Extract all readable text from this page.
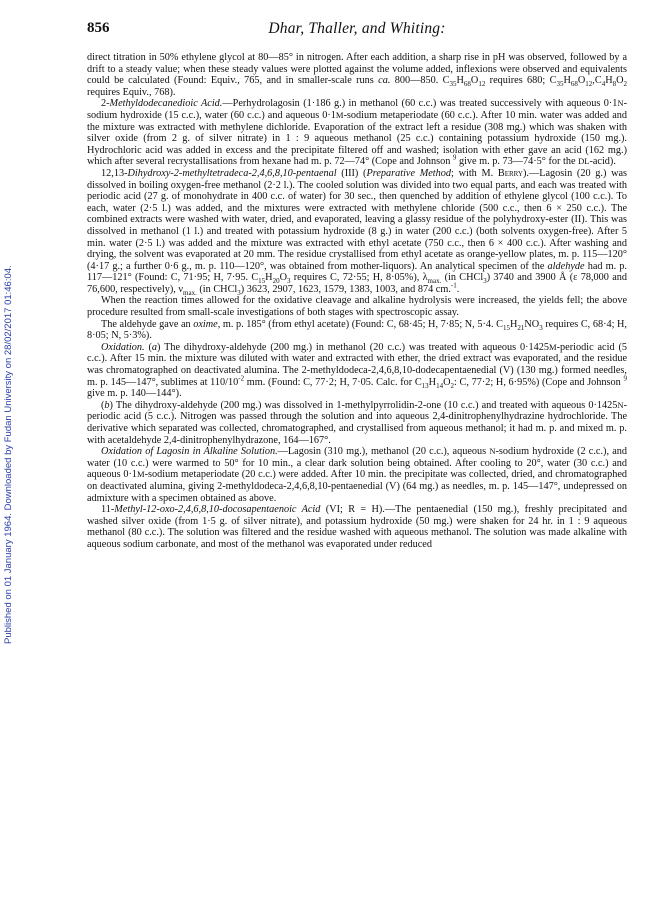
Dhar, Thaller, and Whiting:
856
Published on 01 January 1964. Downloaded by Fudan University on 28/02/2017 01:46:04.

direct titration in 50% ethylene glycol at 80—85° in nitrogen. After each addition, a sharp rise in pH was observed, followed by a drift to a steady value; when these steady values were plotted against the volume added, inflexions were observed and equivalents could be calculated (Found: Equiv., 765, and in smaller-scale runs ca. 800—850. $C_{35}H_{68}O_{12}$ requires 680; $C_{35}H_{68}O_{12},C_4H_8O_2$ requires Equiv., 768).

2-Methyldodecanedioic Acid.—Perhydrolagosin (1·186 g.) in methanol (60 c.c.) was treated successively with aqueous 0·1N-sodium hydroxide (15 c.c.), water (60 c.c.) and aqueous 0·1M-sodium metaperiodate (60 c.c.). After 10 min. water was added and the mixture was extracted with methylene dichloride. Evaporation of the extract left a residue (308 mg.) which was shaken with silver oxide (from 2 g. of silver nitrate) in 1 : 9 aqueous methanol (25 c.c.) containing potassium hydroxide (150 mg.). Hydrochloric acid was added in excess and the precipitate filtered off and washed; isolation with ether gave an acid (162 mg.) which after several recrystallisations from hexane had m. p. 72—74° (Cope and Johnson $^9$ give m. p. 73—74·5° for the DL-acid).

12,13-Dihydroxy-2-methyltetradeca-2,4,6,8,10-pentaenal (III) (Preparative Method; with M. Berry).—Lagosin (20 g.) was dissolved in boiling oxygen-free methanol (2·2 l.). The cooled solution was divided into two equal parts, and each was treated with periodic acid (27 g. of monohydrate in 400 c.c. of water) for 30 sec., then quenched by addition of ethylene glycol (100 c.c.). To each, water (2·5 l.) was added, and the mixtures were extracted with methylene chloride (500 c.c., then 6 × 250 c.c.). The combined extracts were washed with water, dried, and evaporated, leaving a glassy residue of the polyhydroxy-ester (II). This was dissolved in methanol (1 l.) and treated with potassium hydroxide (8 g.) in water (200 c.c.) (both solvents oxygen-free). After 5 min. water (2·5 l.) was added and the mixture was extracted with ethyl acetate (750 c.c., then 6 × 400 c.c.). After washing and drying, the solvent was evaporated at 20 mm. The residue crystallised from ethyl acetate as orange-yellow plates, m. p. 115—120° (4·17 g.; a further 0·6 g., m. p. 110—120°, was obtained from mother-liquors). An analytical specimen of the aldehyde had m. p. 117—121° (Found: C, 71·95; H, 7·95. $C_{15}H_{20}O_3$ requires C, 72·55; H, 8·05%), $\lambda_{max.}$ (in CHCl$_3$) 3740 and 3900 Å (ε 78,000 and 76,600, respectively), $\nu_{max.}$ (in CHCl$_3$) 3623, 2907, 1623, 1579, 1383, 1003, and 874 cm.$^{-1}$.

When the reaction times allowed for the oxidative cleavage and alkaline hydrolysis were increased, the yields fell; the above procedure resulted from small-scale investigations of both stages with spectroscopic assay.

The aldehyde gave an oxime, m. p. 185° (from ethyl acetate) (Found: C, 68·45; H, 7·85; N, 5·4. $C_{15}H_{21}NO_3$ requires C, 68·4; H, 8·05; N, 5·3%).

Oxidation. (a) The dihydroxy-aldehyde (200 mg.) in methanol (20 c.c.) was treated with aqueous 0·1425M-periodic acid (5 c.c.). After 15 min. the mixture was diluted with water and extracted with ether, the dried extract was evaporated, and the residue was chromatographed on deactivated alumina. The 2-methyldodeca-2,4,6,8,10-dodecapentaenedial (V) (130 mg.) formed needles, m. p. 145—147°, sublimes at $110/10^{-2}$ mm. (Found: C, 77·2; H, 7·05. Calc. for $C_{13}H_{14}O_2$: C, 77·2; H, 6·95%) (Cope and Johnson $^9$ give m. p. 140—144°).

(b) The dihydroxy-aldehyde (200 mg.) was dissolved in 1-methylpyrrolidin-2-one (10 c.c.) and treated with aqueous 0·1425N-periodic acid (5 c.c.). Nitrogen was passed through the solution and into aqueous 2,4-dinitrophenylhydrazine hydrochloride. The derivative which separated was collected, chromatographed, and crystallised from aqueous methanol; it had m. p. and mixed m. p. with acetaldehyde 2,4-dinitrophenylhydrazone, 164—167°.

Oxidation of Lagosin in Alkaline Solution.—Lagosin (310 mg.), methanol (20 c.c.), aqueous N-sodium hydroxide (2 c.c.), and water (10 c.c.) were warmed to 50° for 10 min., a clear dark solution being obtained. After cooling to 20°, water (30 c.c.) and aqueous 0·1M-sodium metaperiodate (20 c.c.) were added. After 10 min. the precipitate was collected, dried, and chromatographed on deactivated alumina, giving 2-methyldodeca-2,4,6,8,10-pentaenedial (V) (64 mg.) as needles, m. p. 145—147°, undepressed on admixture with a specimen obtained as above.

11-Methyl-12-oxo-2,4,6,8,10-docosapentaenoic Acid (VI; R = H).—The pentaenedial (150 mg.), freshly precipitated and washed silver oxide (from 1·5 g. of silver nitrate), and potassium hydroxide (50 mg.) were shaken for 24 hr. in 1 : 9 aqueous methanol (80 c.c.). The solution was filtered and the residue washed with aqueous methanol. The solution was made alkaline with aqueous sodium carbonate, and most of the methanol was evaporated under reduced
